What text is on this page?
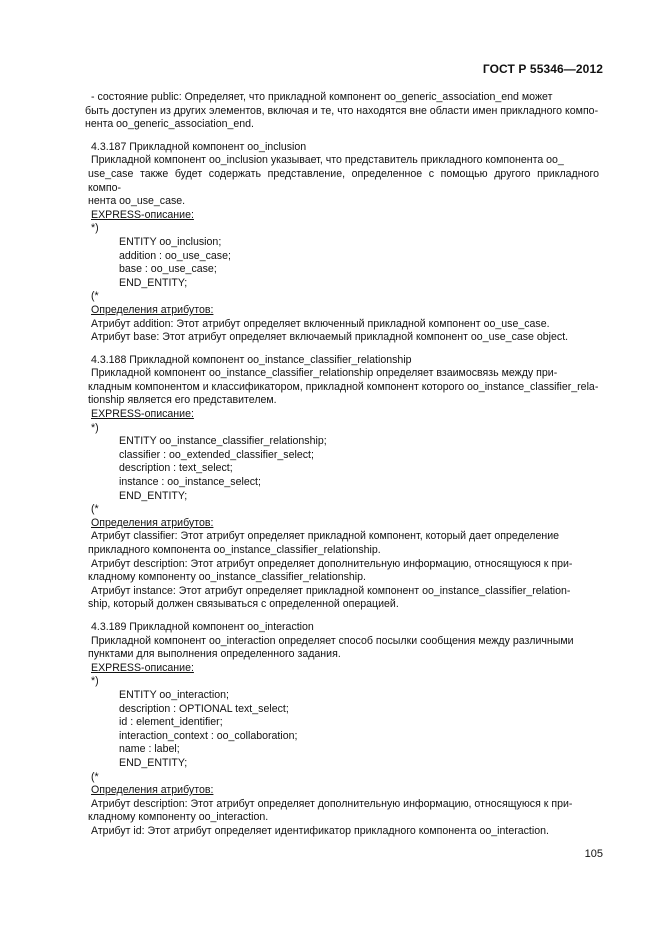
ГОСТ Р 55346—2012
- состояние public: Определяет, что прикладной компонент oo_generic_association_end может
быть доступен из других элементов, включая и те, что находятся вне области имен прикладного компо-
нента oo_generic_association_end.
4.3.187 Прикладной компонент oo_inclusion
Прикладной компонент oo_inclusion указывает, что представитель прикладного компонента oo_
use_case также будет содержать представление, определенное с помощью другого прикладного компо-
нента oo_use_case.
EXPRESS-описание:
*)
ENTITY oo_inclusion;
addition : oo_use_case;
base : oo_use_case;
END_ENTITY;
(*
Определения атрибутов:
Атрибут addition: Этот атрибут определяет включенный прикладной компонент oo_use_case.
Атрибут base: Этот атрибут определяет включаемый прикладной компонент oo_use_case object.
4.3.188 Прикладной компонент oo_instance_classifier_relationship
Прикладной компонент oo_instance_classifier_relationship определяет взаимосвязь между при-
кладным компонентом и классификатором, прикладной компонент которого oo_instance_classifier_rela-
tionship является его представителем.
EXPRESS-описание:
*)
ENTITY oo_instance_classifier_relationship;
classifier : oo_extended_classifier_select;
description : text_select;
instance : oo_instance_select;
END_ENTITY;
(*
Определения атрибутов:
Атрибут classifier: Этот атрибут определяет прикладной компонент, который дает определение
прикладного компонента oo_instance_classifier_relationship.
Атрибут description: Этот атрибут определяет дополнительную информацию, относящуюся к при-
кладному компоненту oo_instance_classifier_relationship.
Атрибут instance: Этот атрибут определяет прикладной компонент oo_instance_classifier_relation-
ship, который должен связываться с определенной операцией.
4.3.189 Прикладной компонент oo_interaction
Прикладной компонент oo_interaction определяет способ посылки сообщения между различными
пунктами для выполнения определенного задания.
EXPRESS-описание:
*)
ENTITY oo_interaction;
description : OPTIONAL text_select;
id : element_identifier;
interaction_context : oo_collaboration;
name : label;
END_ENTITY;
(*
Определения атрибутов:
Атрибут description: Этот атрибут определяет дополнительную информацию, относящуюся к при-
кладному компоненту oo_interaction.
Атрибут id: Этот атрибут определяет идентификатор прикладного компонента oo_interaction.
105
